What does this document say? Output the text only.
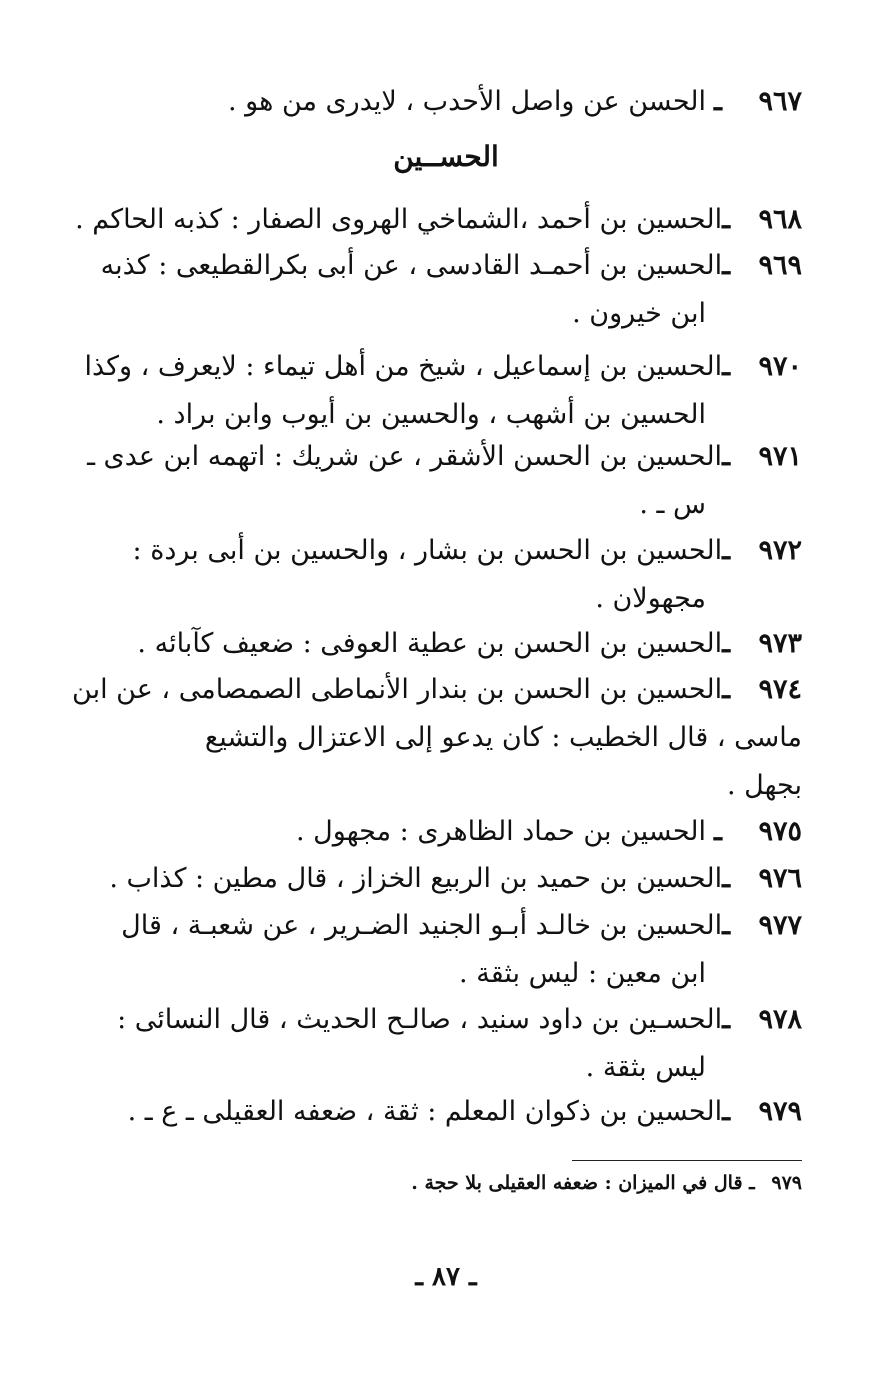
٩٦٧
ـ
الحسن عن واصل الأحدب ، لايدرى من هو .
الحســين
٩٦٨
ـ
الحسين بن أحمد ،الشماخي الهروى الصفار : كذبه الحاكم .
٩٦٩
ـ
الحسين بن أحمـد القادسى ، عن أبى بكرالقطيعى : كذبه
ابن خيرون .
٩٧٠
ـ
الحسين بن إسماعيل ، شيخ من أهل تيماء : لايعرف ، وكذا
الحسين بن أشهب ، والحسين بن أيوب وابن براد .
٩٧١
ـ
الحسين بن الحسن الأشقر ، عن شريك : اتهمه ابن عدى ـ
س ـ .
٩٧٢
ـ
الحسين بن الحسن بن بشار ، والحسين بن أبى بردة :
مجهولان .
٩٧٣
ـ
الحسين بن الحسن بن عطية العوفى : ضعيف كآبائه .
٩٧٤
ـ
الحسين بن الحسن بن بندار الأنماطى الصمصامى ، عن ابن
ماسى ، قال الخطيب : كان يدعو إلى الاعتزال والتشيع
بجهل .
٩٧٥
ـ
الحسين بن حماد الظاهرى : مجهول .
٩٧٦
ـ
الحسين بن حميد بن الربيع الخزاز ، قال مطين : كذاب .
٩٧٧
ـ
الحسين بن خالـد أبـو الجنيد الضـرير ، عن شعبـة ، قال
ابن معين : ليس بثقة .
٩٧٨
ـ
الحسـين بن داود سنيد ، صالـح الحديث ، قال النسائى :
ليس بثقة .
٩٧٩
ـ
الحسين بن ذكوان المعلم : ثقة ، ضعفه العقيلى ـ ع ـ .
٩٧٩ ـ قال في الميزان : ضعفه العقيلى بلا حجة .
ـ ٨٧ ـ
